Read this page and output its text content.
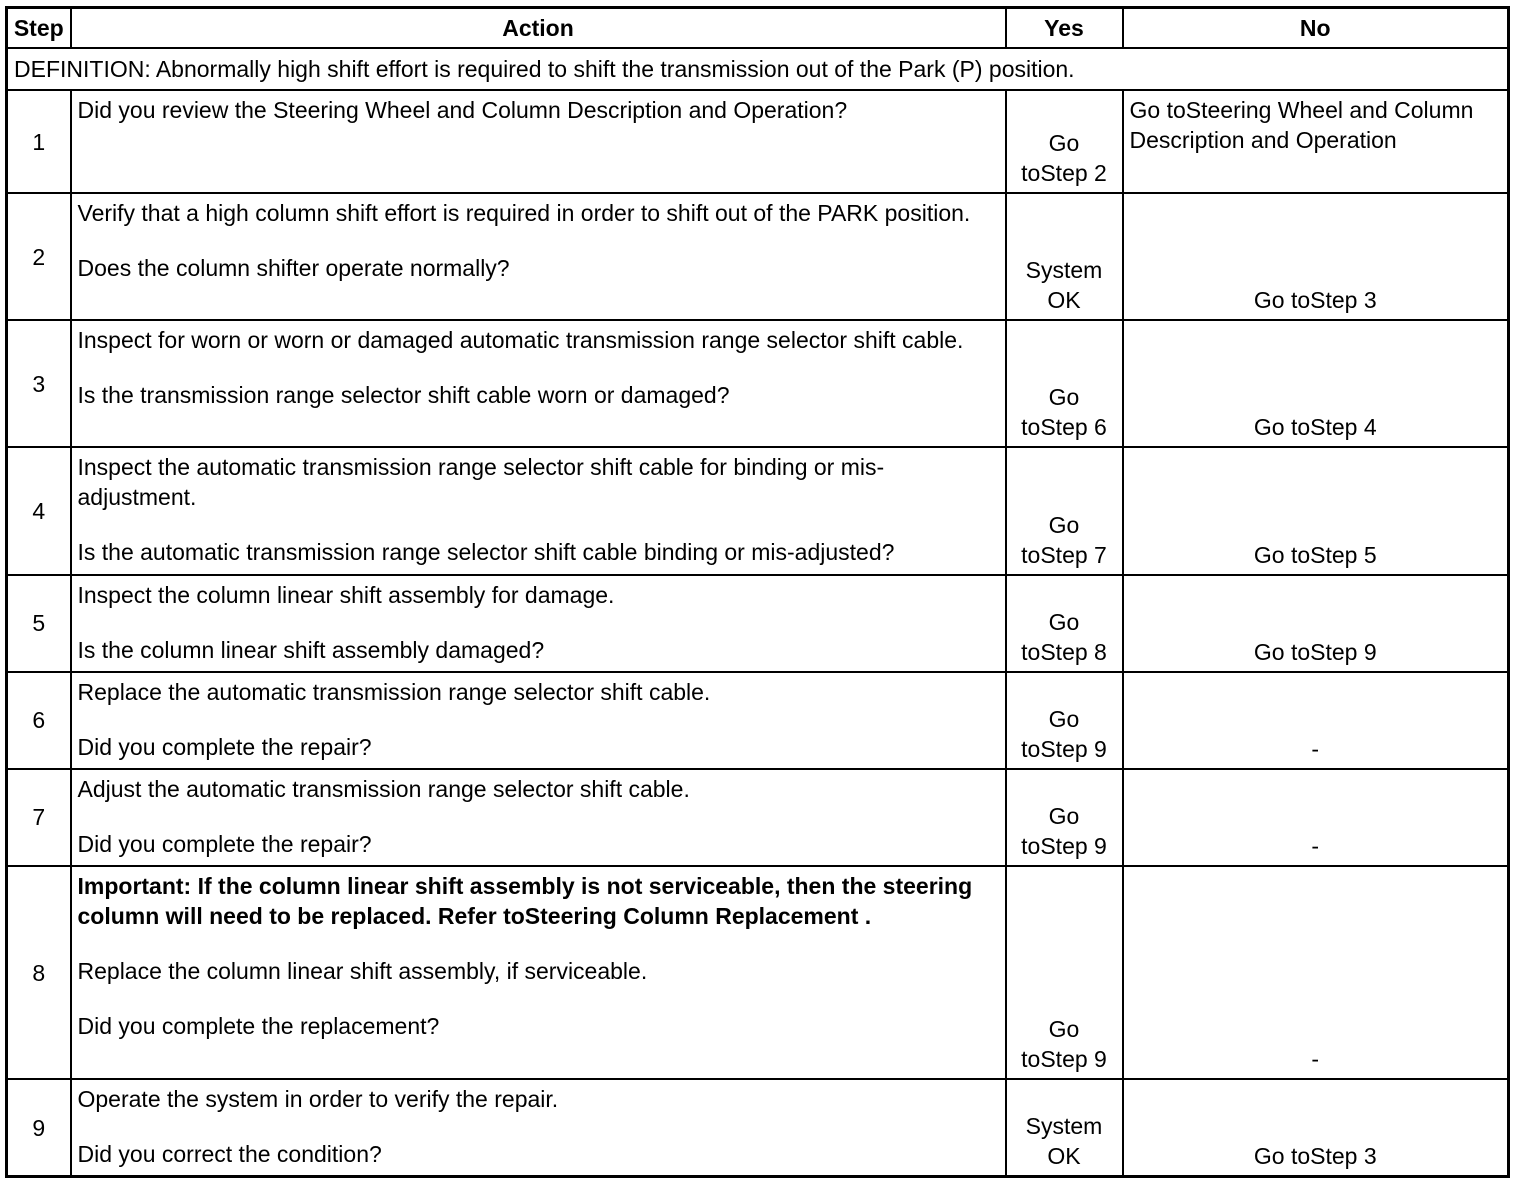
Step	Action	Yes	No
DEFINITION: Abnormally high shift effort is required to shift the transmission out of the Park (P) position.			
1	Did you review the Steering Wheel and Column Description and Operation?	Go toStep 2	Go toSteering Wheel and Column Description and Operation
2	Verify that a high column shift effort is required in order to shift out of the PARK position.

Does the column shifter operate normally?	System OK	Go toStep 3
3	Inspect for worn or worn or damaged automatic transmission range selector shift cable.

Is the transmission range selector shift cable worn or damaged?	Go toStep 6	Go toStep 4
4	Inspect the automatic transmission range selector shift cable for binding or mis-adjustment.

Is the automatic transmission range selector shift cable binding or mis-adjusted?	Go toStep 7	Go toStep 5
5	Inspect the column linear shift assembly for damage.

Is the column linear shift assembly damaged?	Go toStep 8	Go toStep 9
6	Replace the automatic transmission range selector shift cable.

Did you complete the repair?	Go toStep 9	-
7	Adjust the automatic transmission range selector shift cable.

Did you complete the repair?	Go toStep 9	-
8	Important: If the column linear shift assembly is not serviceable, then the steering column will need to be replaced. Refer toSteering Column Replacement .

Replace the column linear shift assembly, if serviceable.

Did you complete the replacement?	Go toStep 9	-
9	Operate the system in order to verify the repair.

Did you correct the condition?	System OK	Go toStep 3
